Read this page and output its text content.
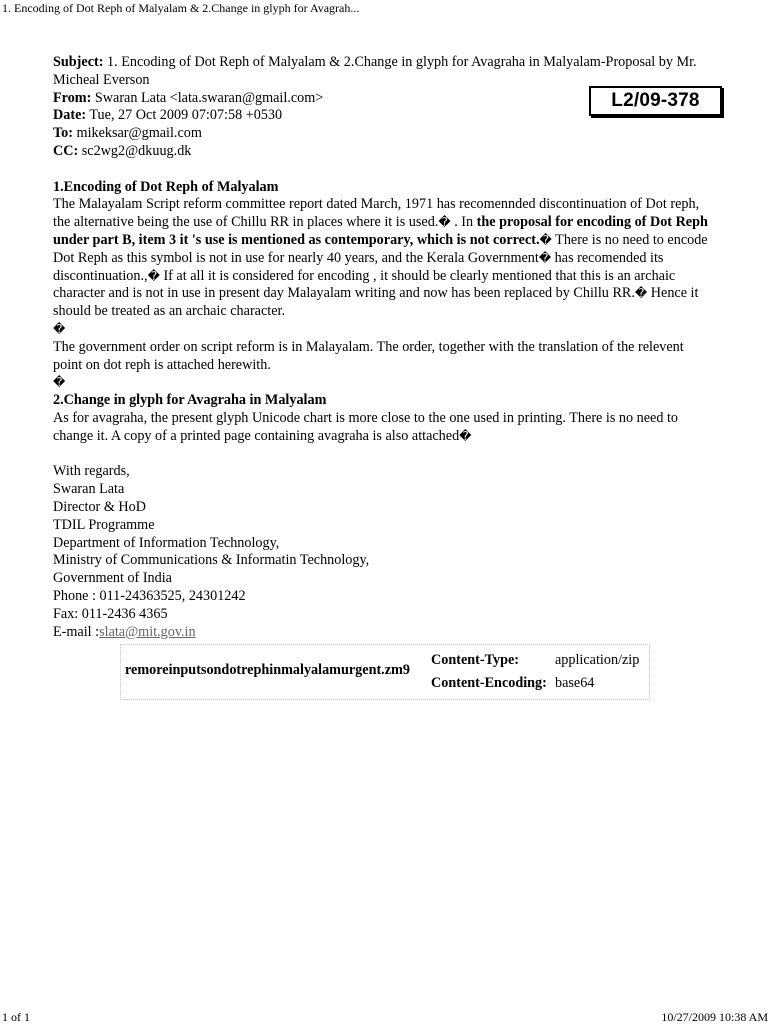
1. Encoding of Dot Reph of Malyalam & 2.Change in glyph for Avagrah...
L2/09-378
Subject: 1. Encoding of Dot Reph of Malyalam & 2.Change in glyph for Avagraha in Malyalam-Proposal by Mr. Micheal Everson
From: Swaran Lata <lata.swaran@gmail.com>
Date: Tue, 27 Oct 2009 07:07:58 +0530
To: mikeksar@gmail.com
CC: sc2wg2@dkuug.dk
1.Encoding of Dot Reph of Malyalam

The Malayalam Script reform committee report dated March, 1971 has recomennded discontinuation of Dot reph, the alternative being the use of Chillu RR in places where it is used.� . In the proposal for encoding of Dot Reph under part B, item 3 it 's use is mentioned as contemporary, which is not correct.� There is no need to encode Dot Reph as this symbol is not in use for nearly 40 years, and the Kerala Government� has recomended its discontinuation.,� If at all it is considered for encoding , it should be clearly mentioned that this is an archaic character and is not in use in present day Malayalam writing and now has been replaced by Chillu RR.� Hence it should be treated as an archaic character.

�

The government order on script reform is in Malayalam. The order, together with the translation of the relevent point on dot reph is attached herewith.

�

2.Change in glyph for Avagraha in Malyalam

As for avagraha, the present glyph Unicode chart is more close to the one used in printing. There is no need to change it. A copy of a printed page containing avagraha is also attached�

With regards,

Swaran Lata

Director & HoD

TDIL Programme

Department of Information Technology,

Ministry of Communications & Informatin Technology,

Government of India

Phone : 011-24363525, 24301242

Fax: 011-2436 4365

E-mail :slata@mit.gov.in

remoreinputsondotrephinmalyalamurgent.zm9
Content-Type:	application/zip
Content-Encoding: base64
1 of 1	10/27/2009 10:38 AM
